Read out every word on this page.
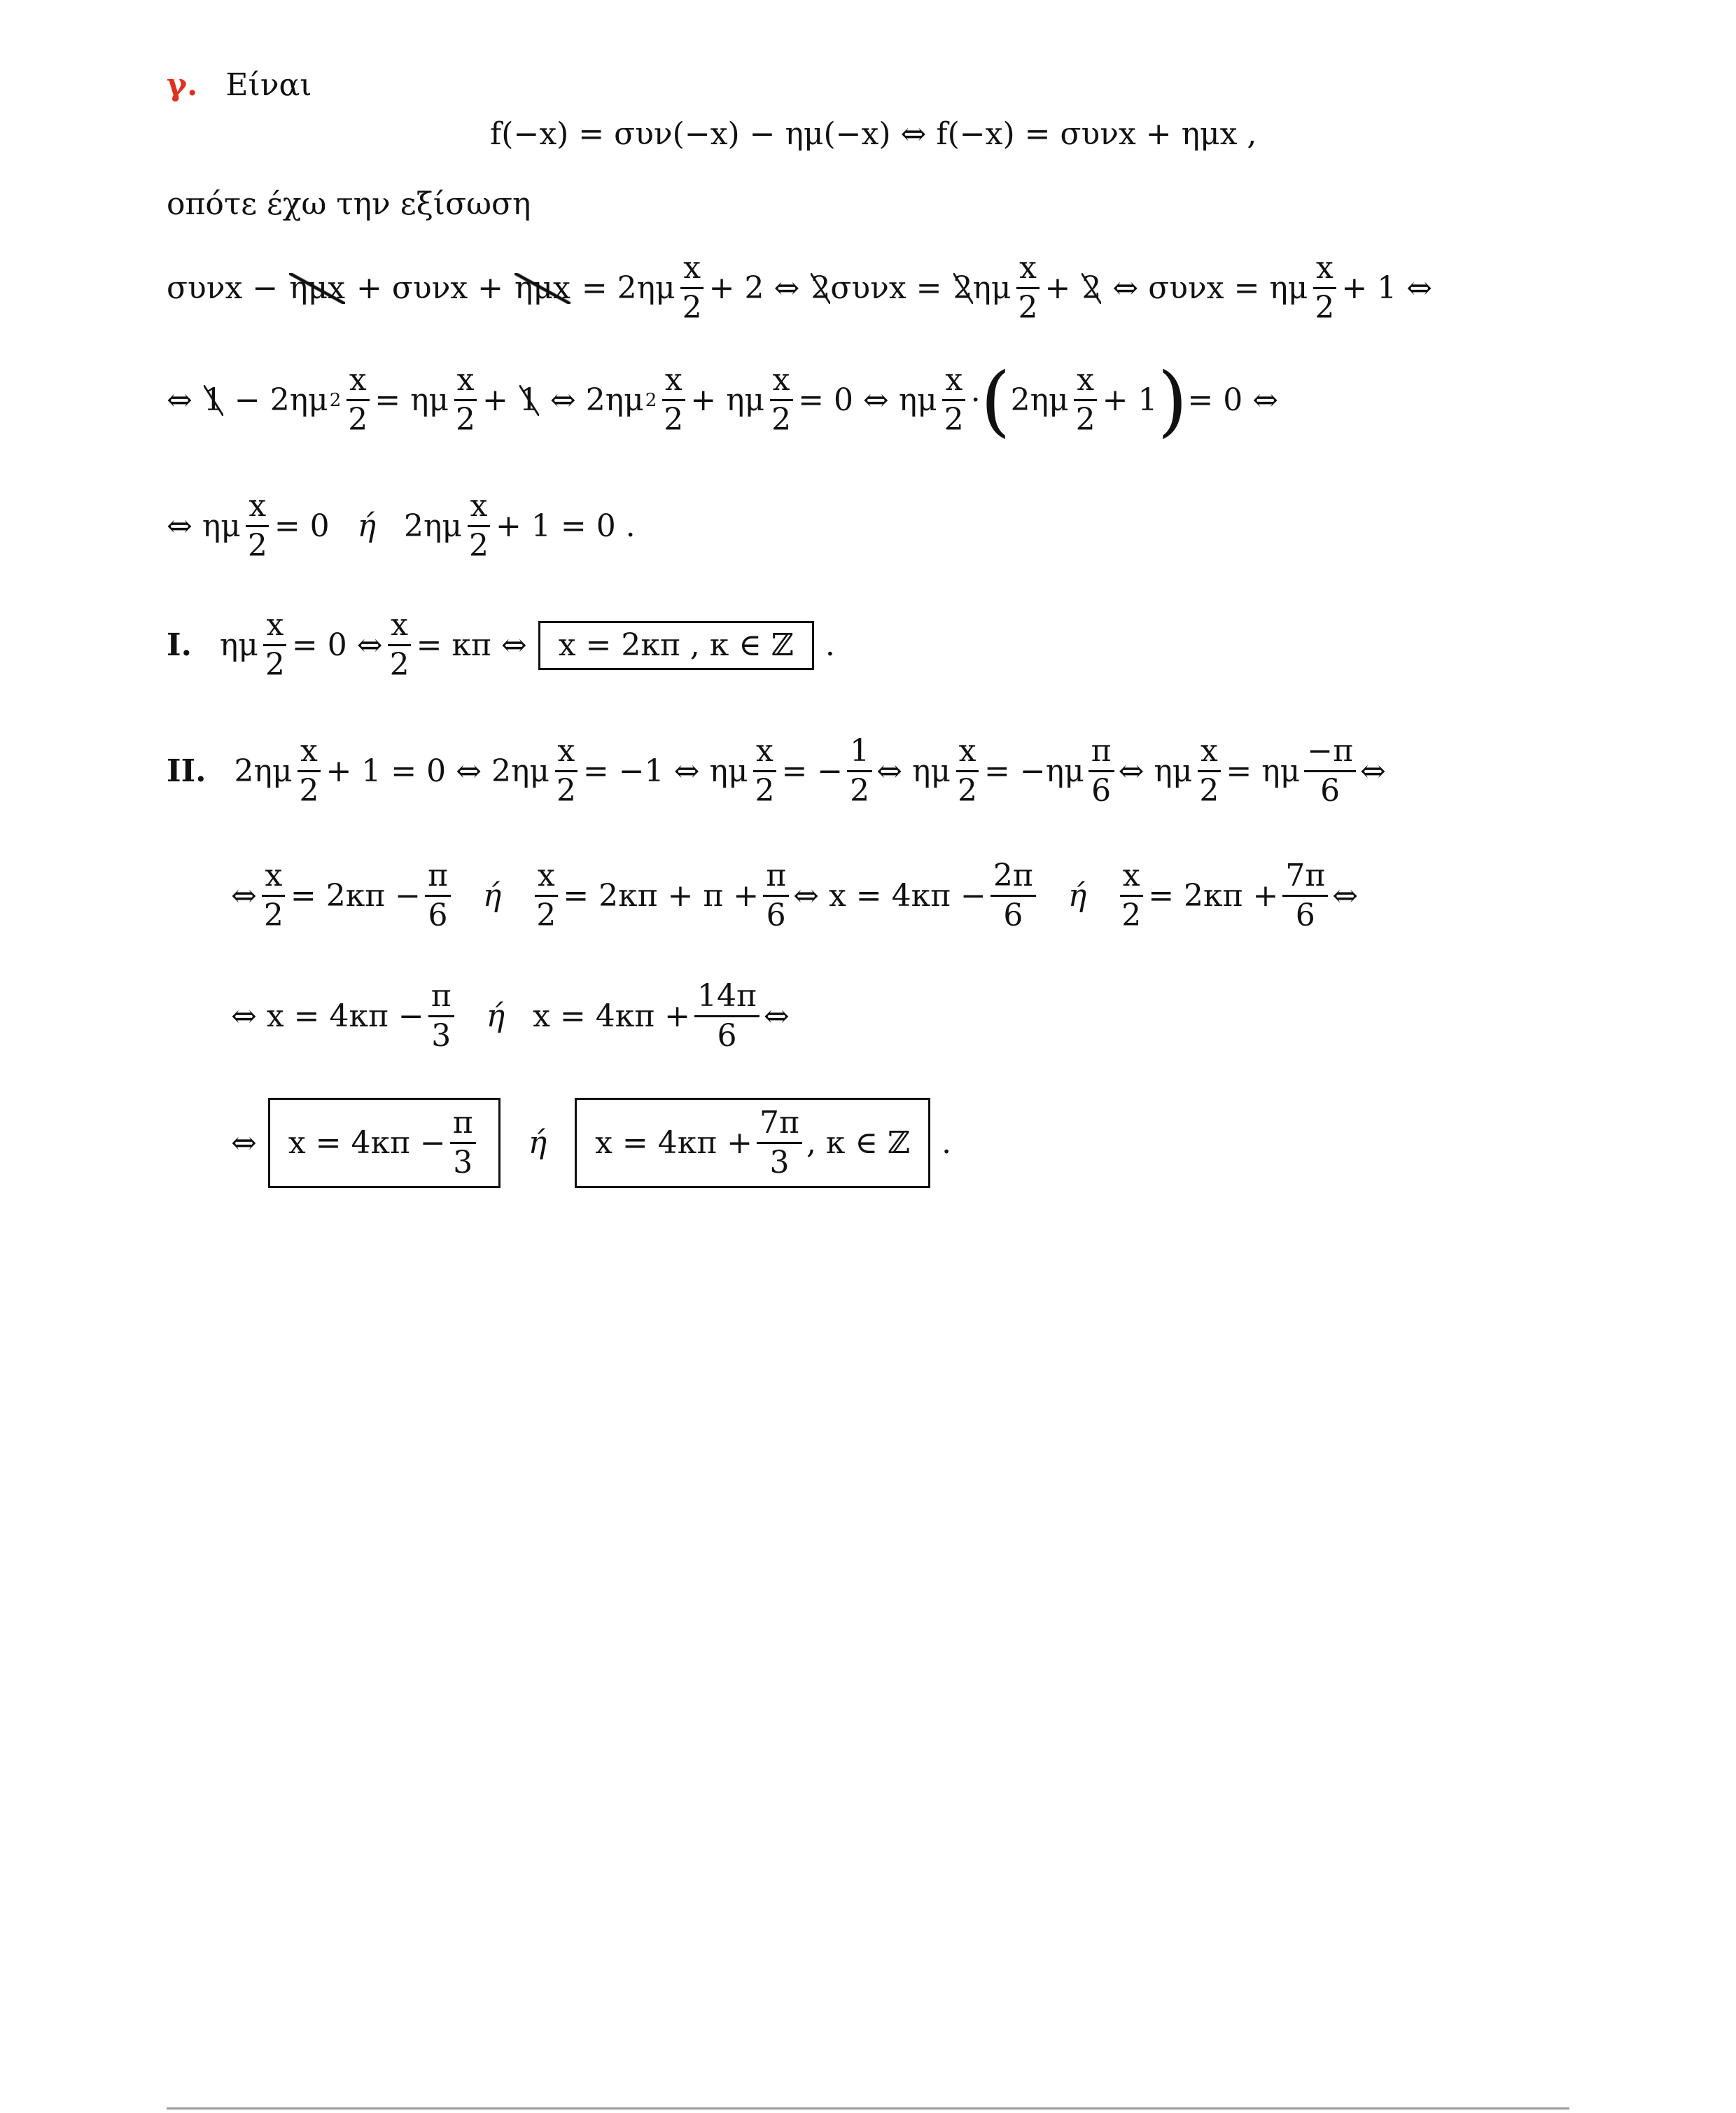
γ. Είναι
f(−x) = συν(−x) − ημ(−x) ⇔ f(−x) = συνx + ημx ,
οπότε έχω την εξίσωση
$\sigma\upsilon\nu x - \eta\mu x + \sigma\upsilon\nu x + \eta\mu x = 2\eta\mu \frac{x}{2} + 2$ ⇔ 2 συνx = 2 ημ $\frac{x}{2} + 2$ ⇔ συνx = ημ $\frac{x}{2} + 1$ ⇔
⇔ 1 − 2ημ $2 \frac{x}{2} = \eta\mu \frac{x}{2} + 1$ ⇔ 2ημ $2 \frac{x}{2} + \eta\mu \frac{x}{2} = 0$ ⇔ ημ $\frac{x}{2}$ · ( $2\eta\mu \frac{x}{2} + 1$ ) = 0 ⇔
⇔ ημ $\frac{x}{2} = 0$ ή $2\eta\mu \frac{x}{2} + 1 = 0$ .
I. ημ $\frac{x}{2} = 0$ ⇔ $\frac{x}{2} = \kappa\pi$ ⇔	x = 2κπ , κ ∈ ℤ	.
II. $2\eta\mu \frac{x}{2} + 1 = 0$ ⇔ $2\eta\mu \frac{x}{2} = -1$ ⇔ ημ $\frac{x}{2}$ = − $\frac{1}{2}$ ⇔ ημ $\frac{x}{2} = -\eta\mu \frac{\pi}{6}$ ⇔ ημ $\frac{x}{2} = \eta\mu \frac{-\pi}{6}$ ⇔
⇔ $\frac{x}{2} = 2\kappa\pi - \frac{\pi}{6}$ ή $\frac{x}{2} = 2\kappa\pi + \pi + \frac{\pi}{6}$ ⇔ $x = 4\kappa\pi - \frac{2\pi}{6}$ ή $\frac{x}{2} = 2\kappa\pi + \frac{7\pi}{6}$ ⇔
⇔ $x = 4\kappa\pi - \frac{\pi}{3}$ ή $x = 4\kappa\pi + \frac{14\pi}{6}$ ⇔
⇔ $x = 4\kappa\pi - \frac{\pi}{3}$ ή $x = 4\kappa\pi + \frac{7\pi}{3}$ , κ ∈ ℤ .
